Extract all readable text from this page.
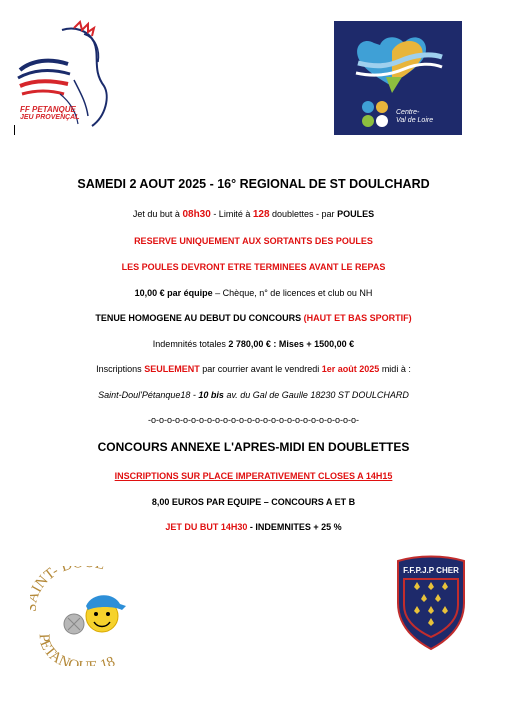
FF PETANQUE
JEU PROVENÇAL
Centre-
Val de Loire
SAMEDI 2 AOUT 2025 - 16° REGIONAL DE ST DOULCHARD
Jet du but à 08h30 - Limité à 128 doublettes - par POULES
RESERVE UNIQUEMENT AUX SORTANTS DES POULES
LES POULES DEVRONT ETRE TERMINEES AVANT LE REPAS
10,00 € par équipe – Chèque, n° de licences et club ou NH
TENUE HOMOGENE AU DEBUT DU CONCOURS (HAUT ET BAS SPORTIF)
Indemnités totales 2 780,00 € : Mises + 1500,00 €
Inscriptions SEULEMENT par courrier avant le vendredi 1er août 2025 midi à :
Saint-Doul'Pétanque18 - 10 bis av. du Gal de Gaulle 18230 ST DOULCHARD
-o-o-o-o-o-o-o-o-o-o-o-o-o-o-o-o-o-o-o-o-o-o-o-o-o-o-
CONCOURS ANNEXE L'APRES-MIDI EN DOUBLETTES
INSCRIPTIONS SUR PLACE IMPERATIVEMENT CLOSES A 14H15
8,00 EUROS PAR EQUIPE – CONCOURS A ET B
JET DU BUT 14H30 - INDEMNITES + 25 %
INT- '
PETANQ 18
F.F.P.J.P CHER
